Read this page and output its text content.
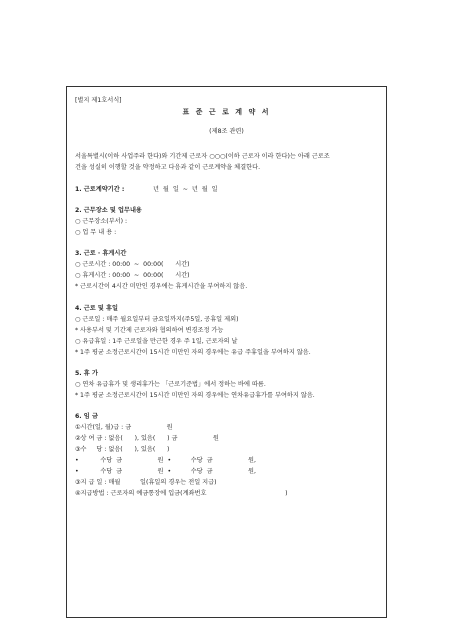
[별지 제1호서식]
표 준 근 로 계 약 서
(제8조 관련)
서울특별시(이하 사업주라 한다)와 기간제 근로자 ○○○(이하 근로자 이라 한다)는 아래 근로조
건을 성실히 이행할 것을 약정하고 다음과 같이 근로계약을 체결한다.
1. 근로계약기간 :	년  월  일  ~  년  월  일
2. 근무장소 및 업무내용
○ 근무장소(부서) :
○ 업 무 내 용 :
3. 근로 · 휴게시간
○ 근로시간 : 00:00  ~  00:00(      시간)
○ 휴게시간 : 00:00  ~  00:00(      시간)
* 근로시간이 4시간 미만인 경우에는 휴게시간을 부여하지 않음.
4. 근로 및 휴일
○ 근로일 : 매주 월요일부터 금요일까지(주5일, 공휴일 제외)
* 사용부서 및 기간제 근로자와 협의하여 변경조정 가능
○ 유급휴일 : 1주 근로일을 만근한 경우 주 1일, 근로자의 날
* 1주 평균 소정근로시간이 15시간 미만인 자의 경우에는 유급 주휴일을 부여하지 않음.
5. 휴 가
○ 연차 유급휴가 및 생리휴가는 「근로기준법」에서 정하는 바에 따름.
* 1주 평균 소정근로시간이 15시간 미만인 자의 경우에는 연차유급휴가를 부여하지 않음.
6. 임 금
①시간(일, 월)급 : 금                  원
②상 여 금 : 없음(      ), 있음(      ) 금                  원
③수     당 : 없음(      ), 있음(      )
•           수당  금                  원  •          수당  금                  원,
•           수당  금                  원  •          수당  금                  원,
③지 급 일 : 매월          일(휴일의 경우는 전일 지급)
④지급방법 : 근로자의 예금통장에 입금(계좌번호                                        )
